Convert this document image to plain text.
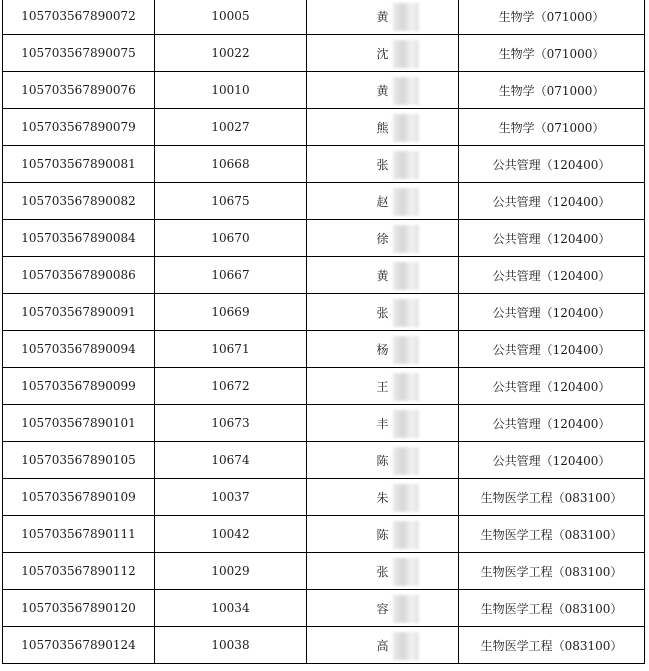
105703567890072	10005	黄	生物学（071000）
105703567890075	10022	沈	生物学（071000）
105703567890076	10010	黄	生物学（071000）
105703567890079	10027	熊	生物学（071000）
105703567890081	10668	张	公共管理（120400）
105703567890082	10675	赵	公共管理（120400）
105703567890084	10670	徐	公共管理（120400）
105703567890086	10667	黄	公共管理（120400）
105703567890091	10669	张	公共管理（120400）
105703567890094	10671	杨	公共管理（120400）
105703567890099	10672	王	公共管理（120400）
105703567890101	10673	丰	公共管理（120400）
105703567890105	10674	陈	公共管理（120400）
105703567890109	10037	朱	生物医学工程（083100）
105703567890111	10042	陈	生物医学工程（083100）
105703567890112	10029	张	生物医学工程（083100）
105703567890120	10034	容	生物医学工程（083100）
105703567890124	10038	高	生物医学工程（083100）
